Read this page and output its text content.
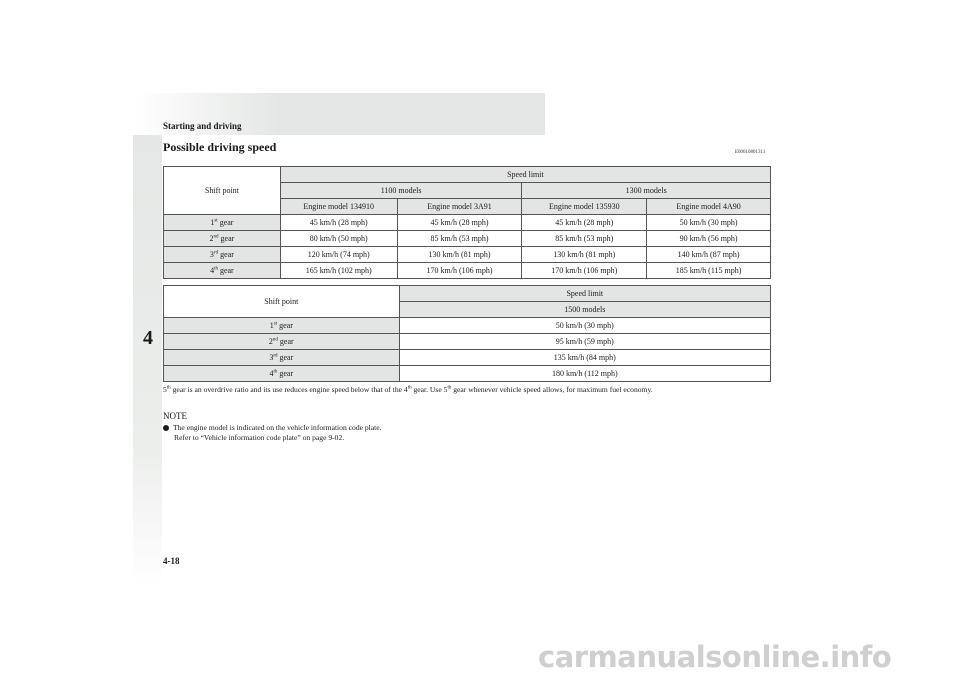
Starting and driving
4
Possible driving speed	E00610801311
Shift point	Speed limit			
	1100 models		1300 models	
	Engine model 134910	Engine model 3A91	Engine model 135930	Engine model 4A90
1st gear	45 km/h (28 mph)	45 km/h (28 mph)	45 km/h (28 mph)	50 km/h (30 mph)
2nd gear	80 km/h (50 mph)	85 km/h (53 mph)	85 km/h (53 mph)	90 km/h (56 mph)
3rd gear	120 km/h (74 mph)	130 km/h (81 mph)	130 km/h (81 mph)	140 km/h (87 mph)
4th gear	165 km/h (102 mph)	170 km/h (106 mph)	170 km/h (106 mph)	185 km/h (115 mph)
Shift point	Speed limit
	1500 models
1st gear	50 km/h (30 mph)
2nd gear	95 km/h (59 mph)
3rd gear	135 km/h (84 mph)
4th gear	180 km/h (112 mph)
5th gear is an overdrive ratio and its use reduces engine speed below that of the 4th gear. Use 5th gear whenever vehicle speed allows, for maximum fuel economy.
NOTE
The engine model is indicated on the vehicle information code plate.
Refer to “Vehicle information code plate” on page 9-02.
4-18
carmanualsonline.info
